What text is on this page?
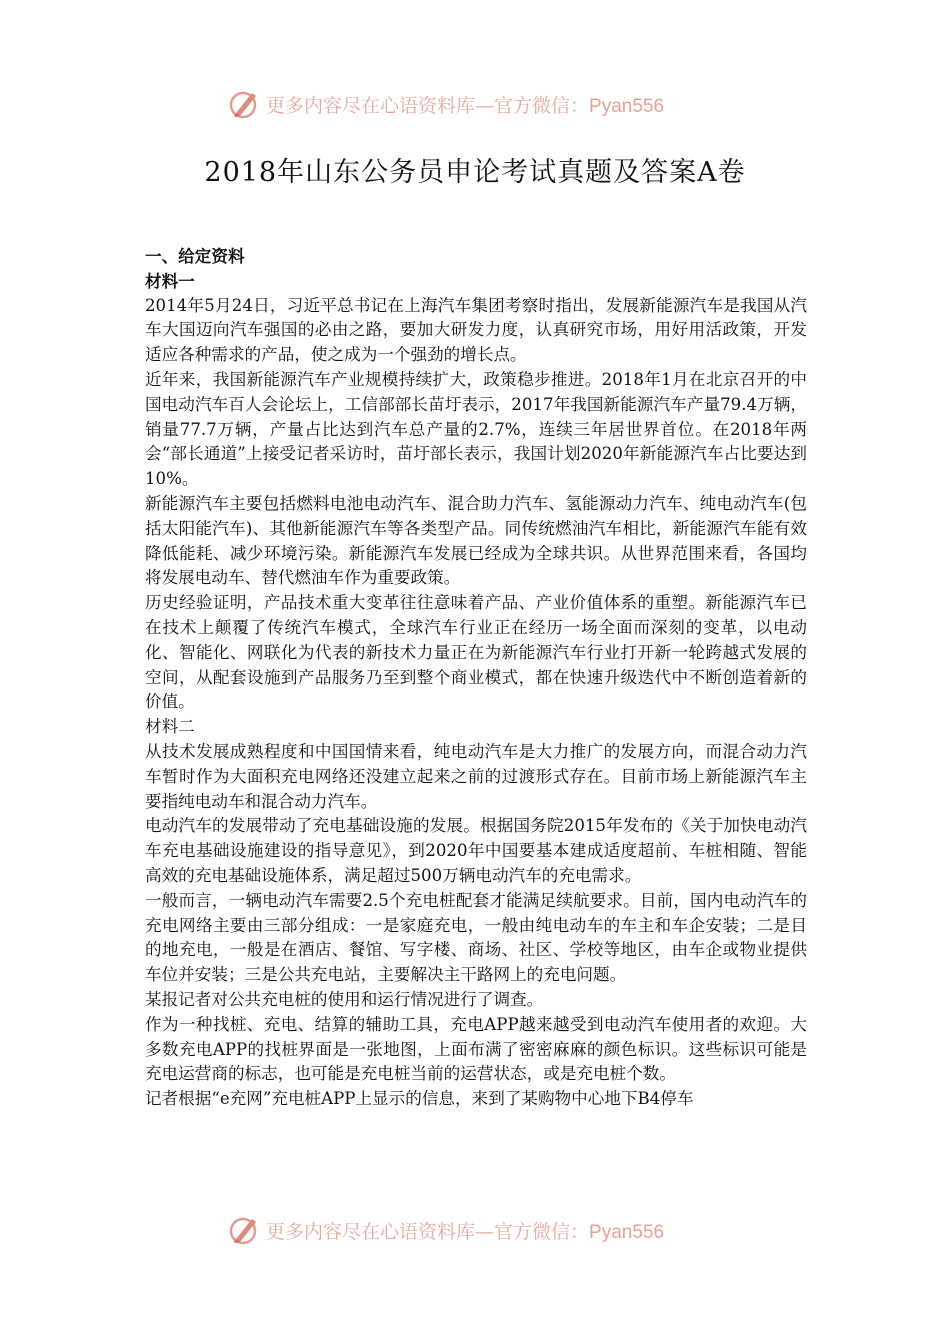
更多内容尽在心语资料库—官方微信：Pyan556
2018年山东公务员申论考试真题及答案A卷

一、给定资料

材料一

2014年5月24日，习近平总书记在上海汽车集团考察时指出，发展新能源汽车是我国从汽车大国迈向汽车强国的必由之路，要加大研发力度，认真研究市场，用好用活政策，开发适应各种需求的产品，使之成为一个强劲的增长点。

近年来，我国新能源汽车产业规模持续扩大，政策稳步推进。2018年1月在北京召开的中国电动汽车百人会论坛上，工信部部长苗圩表示，2017年我国新能源汽车产量79.4万辆，销量77.7万辆，产量占比达到汽车总产量的2.7%，连续三年居世界首位。在2018年两会“部长通道”上接受记者采访时，苗圩部长表示，我国计划2020年新能源汽车占比要达到10%。

新能源汽车主要包括燃料电池电动汽车、混合助力汽车、氢能源动力汽车、纯电动汽车(包括太阳能汽车)、其他新能源汽车等各类型产品。同传统燃油汽车相比，新能源汽车能有效降低能耗、减少环境污染。新能源汽车发展已经成为全球共识。从世界范围来看，各国均将发展电动车、替代燃油车作为重要政策。

历史经验证明，产品技术重大变革往往意味着产品、产业价值体系的重塑。新能源汽车已在技术上颠覆了传统汽车模式，全球汽车行业正在经历一场全面而深刻的变革，以电动化、智能化、网联化为代表的新技术力量正在为新能源汽车行业打开新一轮跨越式发展的空间，从配套设施到产品服务乃至到整个商业模式，都在快速升级迭代中不断创造着新的价值。

材料二

从技术发展成熟程度和中国国情来看，纯电动汽车是大力推广的发展方向，而混合动力汽车暂时作为大面积充电网络还没建立起来之前的过渡形式存在。目前市场上新能源汽车主要指纯电动车和混合动力汽车。

电动汽车的发展带动了充电基础设施的发展。根据国务院2015年发布的《关于加快电动汽车充电基础设施建设的指导意见》，到2020年中国要基本建成适度超前、车桩相随、智能高效的充电基础设施体系，满足超过500万辆电动汽车的充电需求。

一般而言，一辆电动汽车需要2.5个充电桩配套才能满足续航要求。目前，国内电动汽车的充电网络主要由三部分组成：一是家庭充电，一般由纯电动车的车主和车企安装；二是目的地充电，一般是在酒店、餐馆、写字楼、商场、社区、学校等地区，由车企或物业提供车位并安装；三是公共充电站，主要解决主干路网上的充电问题。

某报记者对公共充电桩的使用和运行情况进行了调查。

作为一种找桩、充电、结算的辅助工具，充电APP越来越受到电动汽车使用者的欢迎。大多数充电APP的找桩界面是一张地图，上面布满了密密麻麻的颜色标识。这些标识可能是充电运营商的标志，也可能是充电桩当前的运营状态，或是充电桩个数。

记者根据“e充网”充电桩APP上显示的信息，来到了某购物中心地下B4停车

更多内容尽在心语资料库—官方微信：Pyan556
